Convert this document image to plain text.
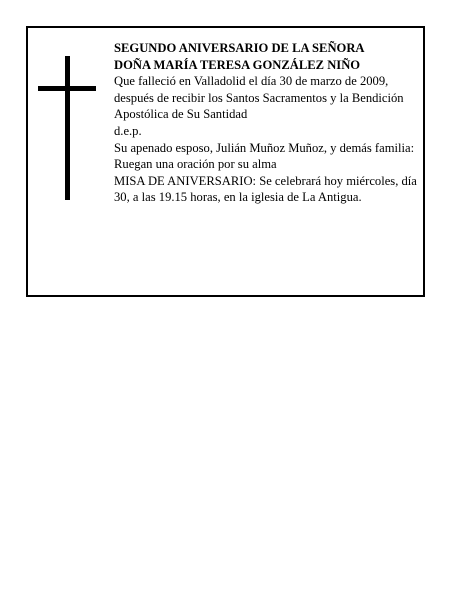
SEGUNDO ANIVERSARIO DE LA SEÑORA

DOÑA MARÍA TERESA GONZÁLEZ NIÑO

Que falleció en Valladolid el día 30 de marzo de 2009, después de recibir los Santos Sacramentos y la Bendición Apostólica de Su Santidad

d.e.p.

Su apenado esposo, Julián Muñoz Muñoz, y demás familia:

Ruegan una oración por su alma

MISA DE ANIVERSARIO: Se celebrará hoy miércoles, día 30, a las 19.15 horas, en la iglesia de La Antigua.
